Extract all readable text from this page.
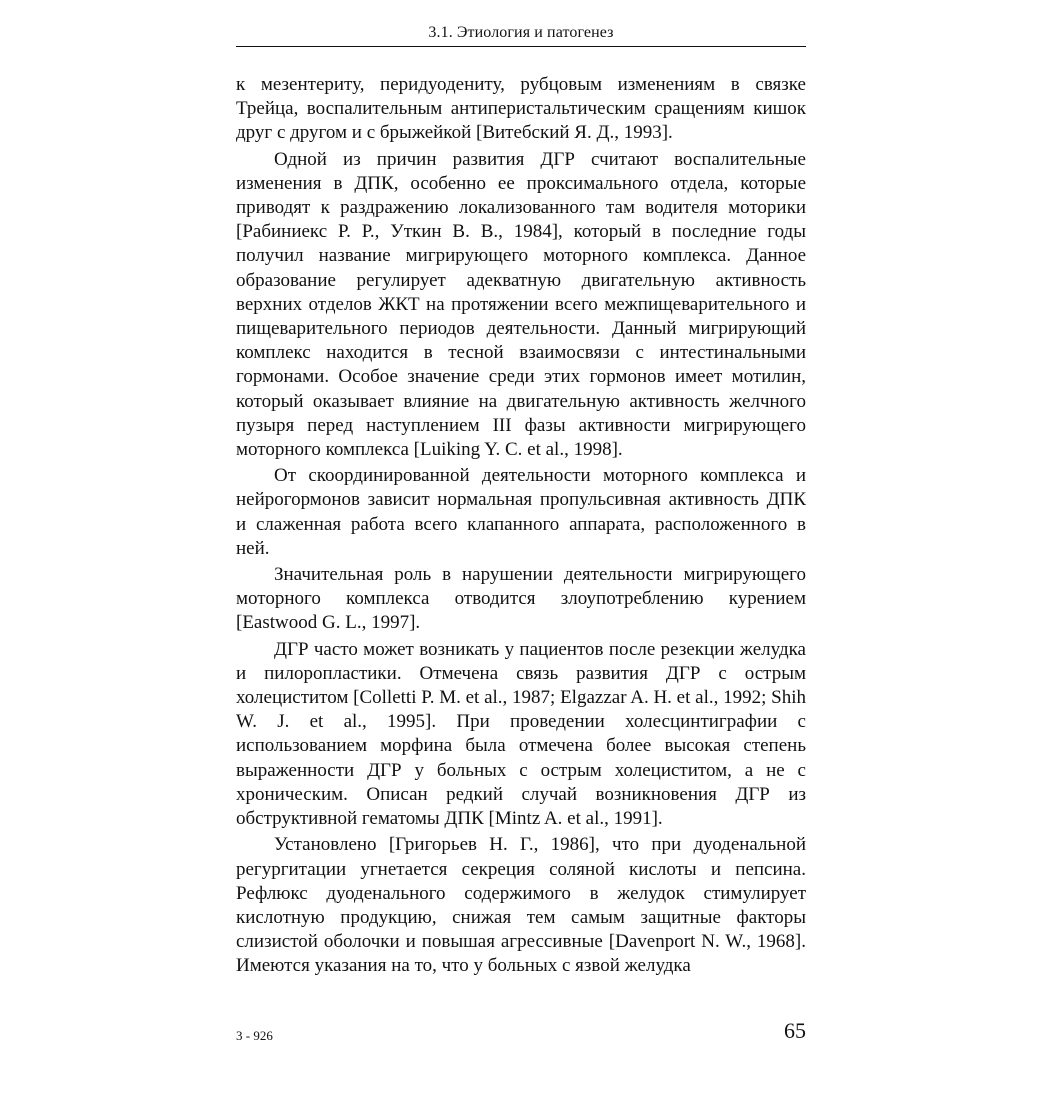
3.1. Этиология и патогенез

к мезентериту, перидуодениту, рубцовым изменениям в связке Трейца, воспалительным антиперистальтическим сращениям кишок друг с другом и с брыжейкой [Витебский Я. Д., 1993].

Одной из причин развития ДГР считают воспалительные изменения в ДПК, особенно ее проксимального отдела, которые приводят к раздражению локализованного там водителя моторики [Рабиниекс Р. Р., Уткин В. В., 1984], который в последние годы получил название мигрирующего моторного комплекса. Данное образование регулирует адекватную двигательную активность верхних отделов ЖКТ на протяжении всего межпищеварительного и пищеварительного периодов деятельности. Данный мигрирующий комплекс находится в тесной взаимосвязи с интестинальными гормонами. Особое значение среди этих гормонов имеет мотилин, который оказывает влияние на двигательную активность желчного пузыря перед наступлением III фазы активности мигрирующего моторного комплекса [Luiking Y. C. et al., 1998].

От скоординированной деятельности моторного комплекса и нейрогормонов зависит нормальная пропульсивная активность ДПК и слаженная работа всего клапанного аппарата, расположенного в ней.

Значительная роль в нарушении деятельности мигрирующего моторного комплекса отводится злоупотреблению курением [Eastwood G. L., 1997].

ДГР часто может возникать у пациентов после резекции желудка и пилоропластики. Отмечена связь развития ДГР с острым холециститом [Colletti P. M. et al., 1987; Elgazzar A. H. et al., 1992; Shih W. J. et al., 1995]. При проведении холесцинтиграфии с использованием морфина была отмечена более высокая степень выраженности ДГР у больных с острым холециститом, а не с хроническим. Описан редкий случай возникновения ДГР из обструктивной гематомы ДПК [Mintz A. et al., 1991].

Установлено [Григорьев Н. Г., 1986], что при дуоденальной регургитации угнетается секреция соляной кислоты и пепсина. Рефлюкс дуоденального содержимого в желудок стимулирует кислотную продукцию, снижая тем самым защитные факторы слизистой оболочки и повышая агрессивные [Davenport N. W., 1968]. Имеются указания на то, что у больных с язвой желудка

3 - 926	65
